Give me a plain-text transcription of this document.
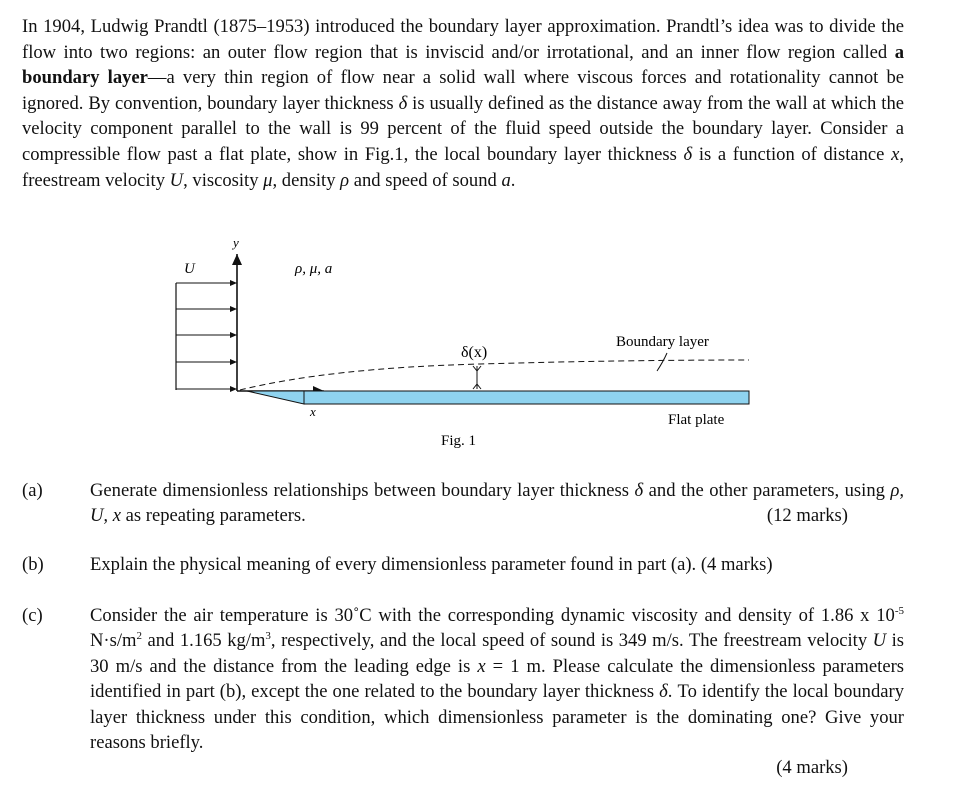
In 1904, Ludwig Prandtl (1875–1953) introduced the boundary layer approximation. Prandtl’s idea was to divide the flow into two regions: an outer flow region that is inviscid and/or irrotational, and an inner flow region called a boundary layer—a very thin region of flow near a solid wall where viscous forces and rotationality cannot be ignored. By convention, boundary layer thickness δ is usually defined as the distance away from the wall at which the velocity component parallel to the wall is 99 percent of the fluid speed outside the boundary layer. Consider a compressible flow past a flat plate, show in Fig.1, the local boundary layer thickness δ is a function of distance x, freestream velocity U, viscosity μ, density ρ and speed of sound a.

U
y
ρ, μ, a
δ(x)
Boundary layer
x
Flat plate
Fig. 1
(a)	Generate dimensionless relationships between boundary layer thickness δ and the other parameters, using ρ, U, x as repeating parameters.	(12 marks)
(b) Explain the physical meaning of every dimensionless parameter found in part (a). (4 marks)
(c)	Consider the air temperature is 30˚C with the corresponding dynamic viscosity and density of 1.86 x $10^{-5}$ $N\cdot s/m^2$ and 1.165 $kg/m^3$, respectively, and the local speed of sound is 349 m/s. The freestream velocity U is 30 m/s and the distance from the leading edge is x = 1 m. Please calculate the dimensionless parameters identified in part (b), except the one related to the boundary layer thickness δ. To identify the local boundary layer thickness under this condition, which dimensionless parameter is the dominating one? Give your reasons briefly.
(4 marks)
